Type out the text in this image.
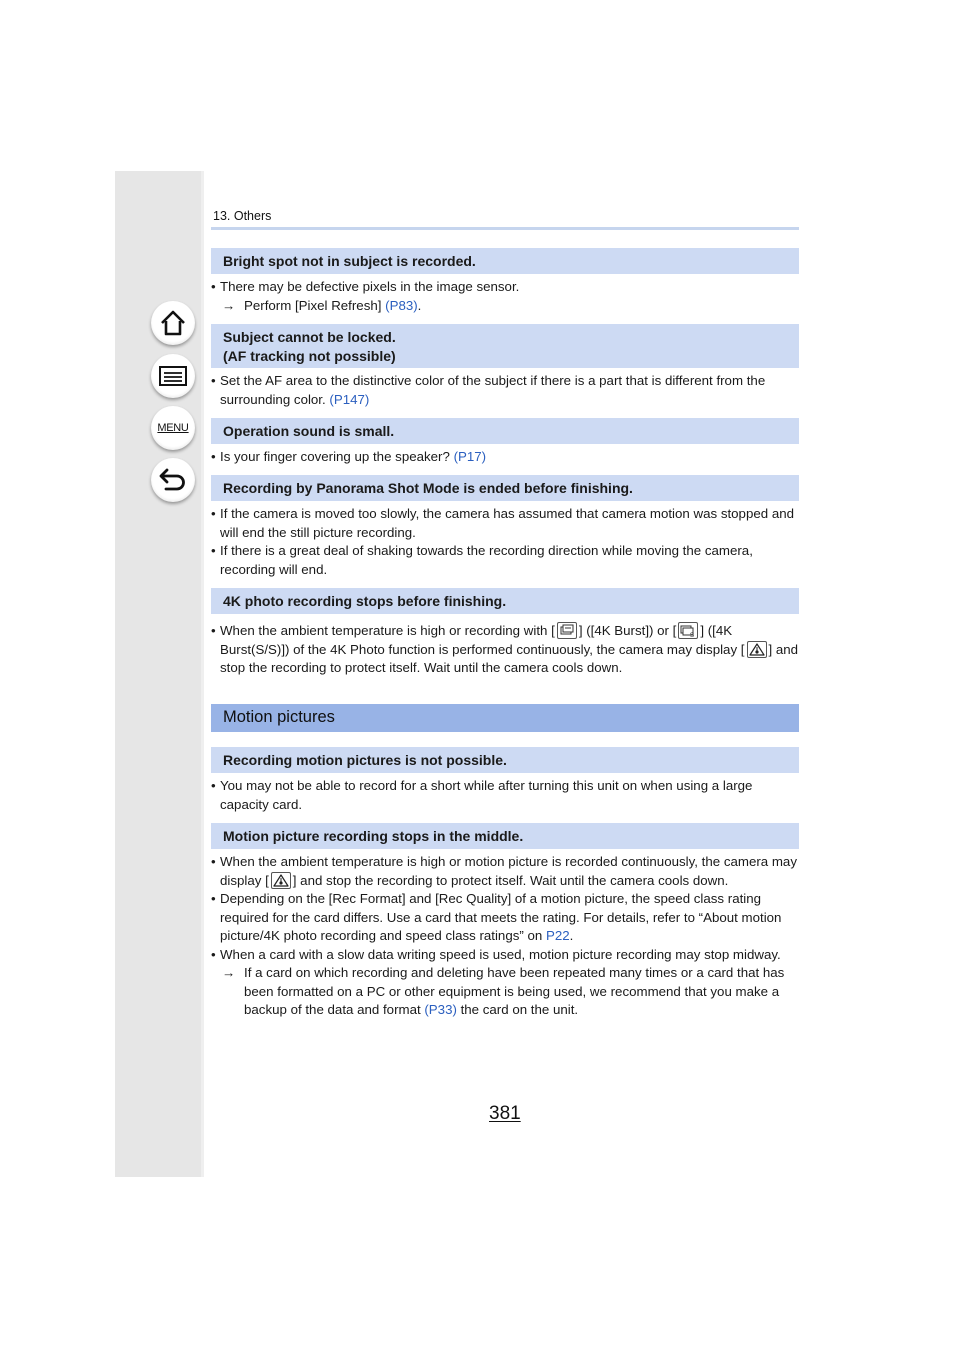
MENU
13. Others
Bright spot not in subject is recorded.
• There may be defective pixels in the image sensor.
→ Perform [Pixel Refresh] (P83).
Subject cannot be locked.
(AF tracking not possible)
• Set the AF area to the distinctive color of the subject if there is a part that is different from the surrounding color. (P147)
Operation sound is small.
• Is your finger covering up the speaker? (P17)
Recording by Panorama Shot Mode is ended before finishing.
• If the camera is moved too slowly, the camera has assumed that camera motion was stopped and will end the still picture recording.
• If there is a great deal of shaking towards the recording direction while moving the camera, recording will end.
4K photo recording stops before finishing.
• When the ambient temperature is high or recording with [ ] ([4K Burst]) or [ S ] ([4K Burst(S/S)]) of the 4K Photo function is performed continuously, the camera may display [ ] and stop the recording to protect itself. Wait until the camera cools down.
Motion pictures
Recording motion pictures is not possible.
• You may not be able to record for a short while after turning this unit on when using a large capacity card.
Motion picture recording stops in the middle.
• When the ambient temperature is high or motion picture is recorded continuously, the camera may display [ ] and stop the recording to protect itself. Wait until the camera cools down.
• Depending on the [Rec Format] and [Rec Quality] of a motion picture, the speed class rating required for the card differs. Use a card that meets the rating. For details, refer to “About motion picture/4K photo recording and speed class ratings” on P22.
• When a card with a slow data writing speed is used, motion picture recording may stop midway.
→ If a card on which recording and deleting have been repeated many times or a card that has been formatted on a PC or other equipment is being used, we recommend that you make a backup of the data and format (P33) the card on the unit.
381
